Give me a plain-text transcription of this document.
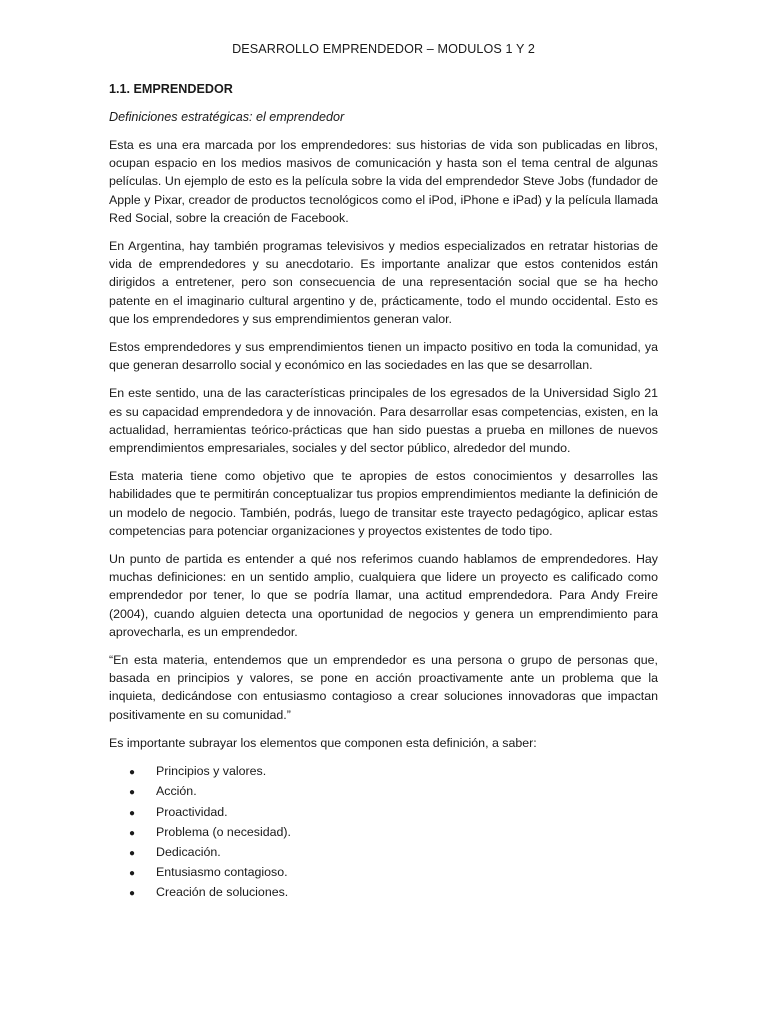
DESARROLLO EMPRENDEDOR – MODULOS 1 Y 2
1.1. EMPRENDEDOR
Definiciones estratégicas: el emprendedor

Esta es una era marcada por los emprendedores: sus historias de vida son publicadas en libros, ocupan espacio en los medios masivos de comunicación y hasta son el tema central de algunas películas. Un ejemplo de esto es la película sobre la vida del emprendedor Steve Jobs (fundador de Apple y Pixar, creador de productos tecnológicos como el iPod, iPhone e iPad) y la película llamada Red Social, sobre la creación de Facebook.

En Argentina, hay también programas televisivos y medios especializados en retratar historias de vida de emprendedores y su anecdotario. Es importante analizar que estos contenidos están dirigidos a entretener, pero son consecuencia de una representación social que se ha hecho patente en el imaginario cultural argentino y de, prácticamente, todo el mundo occidental. Esto es que los emprendedores y sus emprendimientos generan valor.

Estos emprendedores y sus emprendimientos tienen un impacto positivo en toda la comunidad, ya que generan desarrollo social y económico en las sociedades en las que se desarrollan.

En este sentido, una de las características principales de los egresados de la Universidad Siglo 21 es su capacidad emprendedora y de innovación. Para desarrollar esas competencias, existen, en la actualidad, herramientas teórico-prácticas que han sido puestas a prueba en millones de nuevos emprendimientos empresariales, sociales y del sector público, alrededor del mundo.

Esta materia tiene como objetivo que te apropies de estos conocimientos y desarrolles las habilidades que te permitirán conceptualizar tus propios emprendimientos mediante la definición de un modelo de negocio. También, podrás, luego de transitar este trayecto pedagógico, aplicar estas competencias para potenciar organizaciones y proyectos existentes de todo tipo.

Un punto de partida es entender a qué nos referimos cuando hablamos de emprendedores. Hay muchas definiciones: en un sentido amplio, cualquiera que lidere un proyecto es calificado como emprendedor por tener, lo que se podría llamar, una actitud emprendedora. Para Andy Freire (2004), cuando alguien detecta una oportunidad de negocios y genera un emprendimiento para aprovecharla, es un emprendedor.

“En esta materia, entendemos que un emprendedor es una persona o grupo de personas que, basada en principios y valores, se pone en acción proactivamente ante un problema que la inquieta, dedicándose con entusiasmo contagioso a crear soluciones innovadoras que impactan positivamente en su comunidad.”

Es importante subrayar los elementos que componen esta definición, a saber:

●	Principios y valores.
●	Acción.
●	Proactividad.
●	Problema (o necesidad).
●	Dedicación.
●	Entusiasmo contagioso.
●	Creación de soluciones.
